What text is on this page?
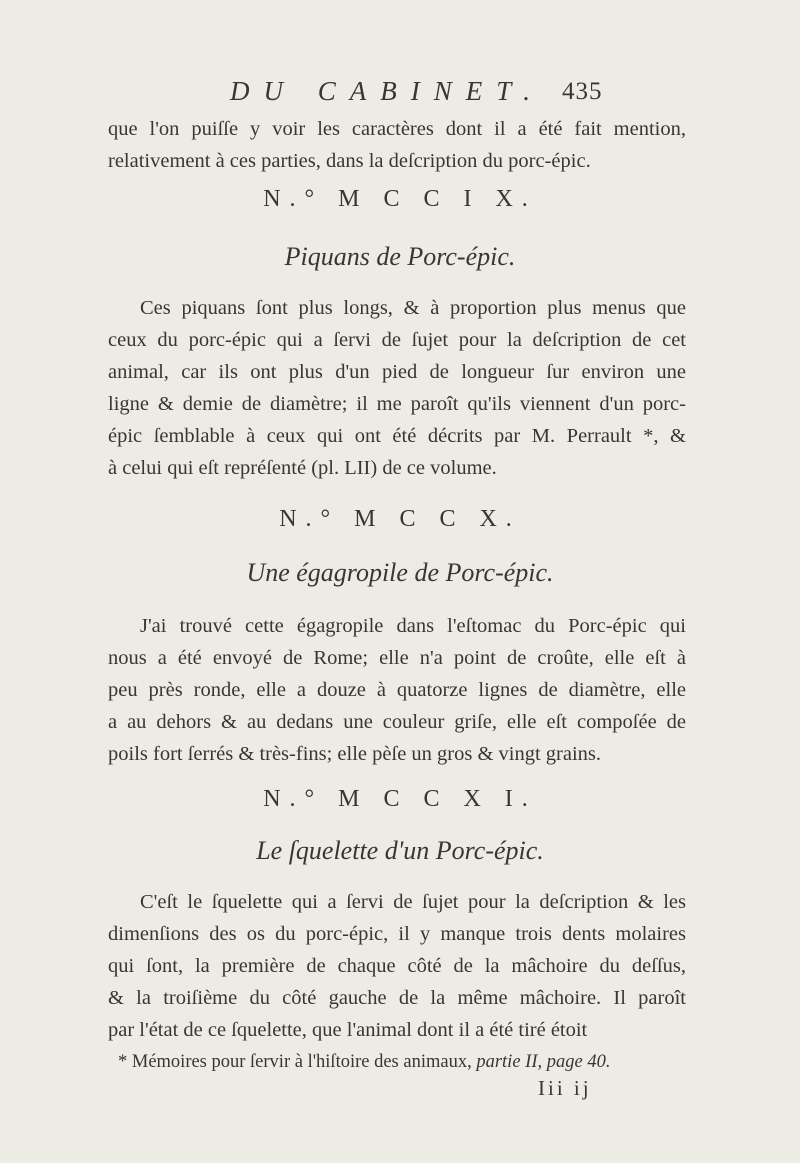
DU CABINET. 435
que l'on puiſſe y voir les caractères dont il a été fait mention,
relativement à ces parties, dans la deſcription du porc-épic.
N.° M C C I X.
Piquans de Porc-épic.
Ces piquans ſont plus longs, & à proportion plus menus que
ceux du porc-épic qui a ſervi de ſujet pour la deſcription de cet
animal, car ils ont plus d'un pied de longueur ſur environ une
ligne & demie de diamètre; il me paroît qu'ils viennent d'un porc-
épic ſemblable à ceux qui ont été décrits par M. Perrault *, &
à celui qui eſt repréſenté (pl. LII) de ce volume.
N.° M C C X.
Une égagropile de Porc-épic.
J'ai trouvé cette égagropile dans l'eſtomac du Porc-épic qui
nous a été envoyé de Rome; elle n'a point de croûte, elle eſt à
peu près ronde, elle a douze à quatorze lignes de diamètre, elle
a au dehors & au dedans une couleur griſe, elle eſt compoſée de
poils fort ſerrés & très-fins; elle pèſe un gros & vingt grains.
N.° M C C X I.
Le ſquelette d'un Porc-épic.
C'eſt le ſquelette qui a ſervi de ſujet pour la deſcription & les
dimenſions des os du porc-épic, il y manque trois dents molaires
qui ſont, la première de chaque côté de la mâchoire du deſſus,
& la troiſième du côté gauche de la même mâchoire. Il paroît
par l'état de ce ſquelette, que l'animal dont il a été tiré étoit
* Mémoires pour ſervir à l'hiſtoire des animaux, partie II, page 40.
Iii ij
